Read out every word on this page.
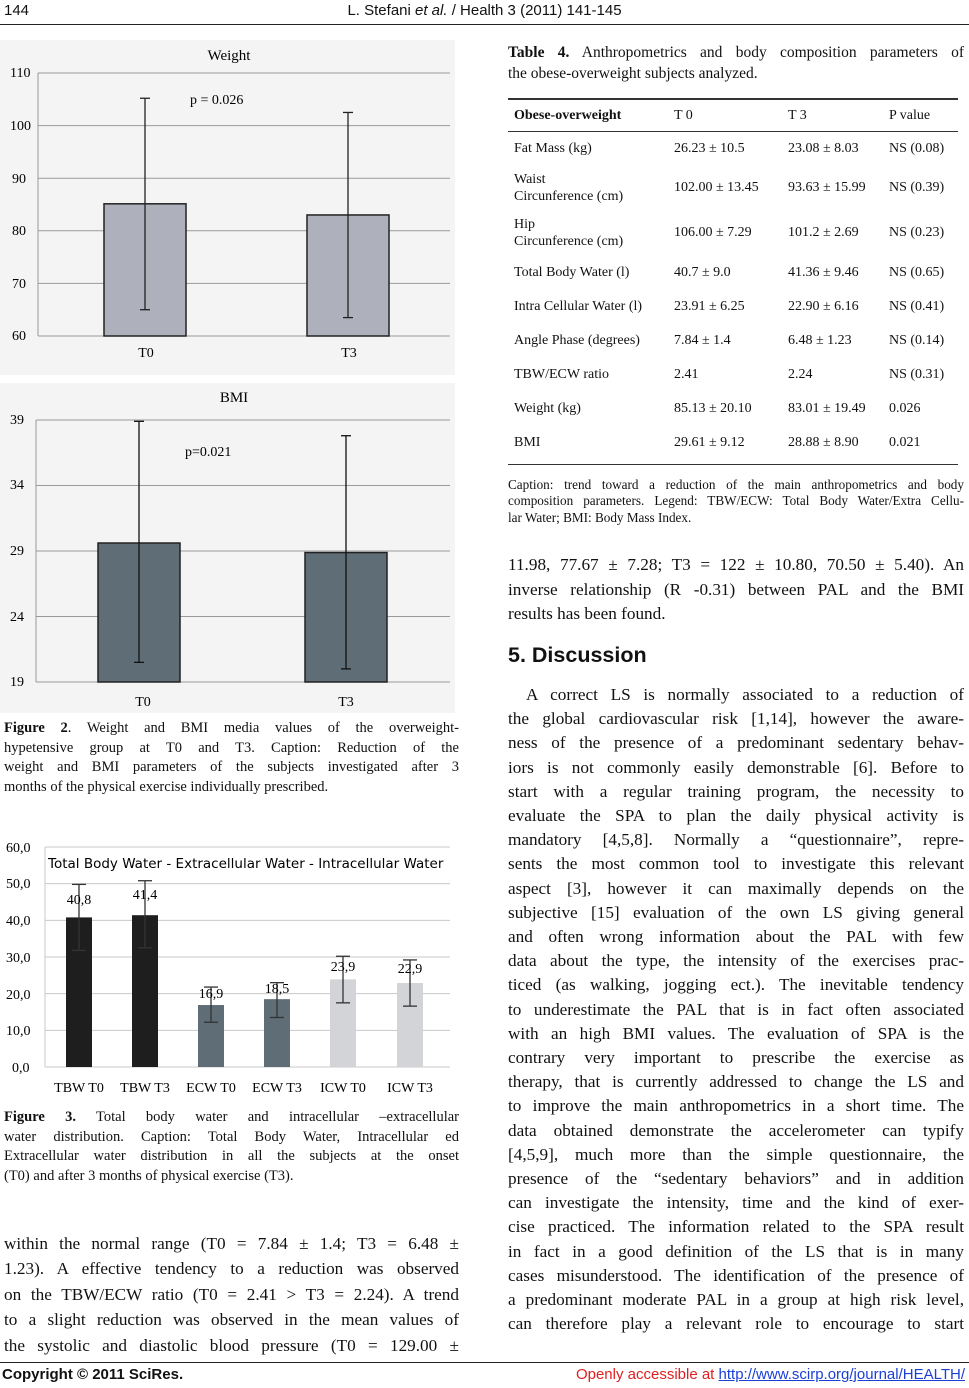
144	L. Stefani et al. / Health 3 (2011) 141-145
Weight
110
100
90
80
70
60
p = 0.026
T0	T3
BMI
39
34
29
24
19
p=0.021
T0	T3

Figure 2. Weight and BMI media values of the overweight-

hypetensive group at T0 and T3. Caption: Reduction of the

weight and BMI parameters of the subjects investigated after 3

months of the physical exercise individually prescribed.

60,0
50,0
40,0
30,0
20,0
10,0
0,0
Total Body Water - Extracellular Water - Intracellular Water
40,8	41,4
16,9	18,5
23,9	22,9
TBW T0 TBW T3 ECW T0 ECW T3 ICW T0 ICW T3

Figure 3. Total body water and intracellular –extracellular

water distribution. Caption: Total Body Water, Intracellular ed

Extracellular water distribution in all the subjects at the onset

(T0) and after 3 months of physical exercise (T3).

within the normal range (T0 = 7.84 ± 1.4; T3 = 6.48 ±

1.23). A effective tendency to a reduction was observed

on the TBW/ECW ratio (T0 = 2.41 > T3 = 2.24). A trend

to a slight reduction was observed in the mean values of

the systolic and diastolic blood pressure (T0 = 129.00 ±

Table 4. Anthropometrics and body composition parameters of

the obese-overweight subjects analyzed.

Obese-overweight	T 0	T 3	P value
Fat Mass (kg)	26.23 ± 10.5	23.08 ± 8.03	NS (0.08)
Waist
Circunference (cm)	102.00 ± 13.45	93.63 ± 15.99	NS (0.39)
Hip
Circunference (cm)	106.00 ± 7.29	101.2 ± 2.69	NS (0.23)
Total Body Water (l)	40.7 ± 9.0	41.36 ± 9.46	NS (0.65)
Intra Cellular Water (l)	23.91 ± 6.25	22.90 ± 6.16	NS (0.41)
Angle Phase (degrees)	7.84 ± 1.4	6.48 ± 1.23	NS (0.14)
TBW/ECW ratio	2.41	2.24	NS (0.31)
Weight (kg)	85.13 ± 20.10	83.01 ± 19.49	0.026
BMI	29.61 ± 9.12	28.88 ± 8.90	0.021

Caption: trend toward a reduction of the main anthropometrics and body

composition parameters. Legend: TBW/ECW: Total Body Water/Extra Cellu-

lar Water; BMI: Body Mass Index.

11.98, 77.67 ± 7.28; T3 = 122 ± 10.80, 70.50 ± 5.40). An

inverse relationship (R -0.31) between PAL and the BMI

results has been found.

5. Discussion

A correct LS is normally associated to a reduction of

the global cardiovascular risk [1,14], however the aware-

ness of the presence of a predominant sedentary behav-

iors is not commonly easily demonstrable [6]. Before to

start with a regular training program, the necessity to

evaluate the SPA to plan the daily physical activity is

mandatory [4,5,8]. Normally a “questionnaire”, repre-

sents the most common tool to investigate this relevant

aspect [3], however it can maximally depends on the

subjective [15] evaluation of the own LS giving general

and often wrong information about the PAL with few

data about the type, the intensity of the exercises prac-

ticed (as walking, jogging ect.). The inevitable tendency

to underestimate the PAL that is in fact often associated

with an high BMI values. The evaluation of SPA is the

contrary very important to prescribe the exercise as

therapy, that is currently addressed to change the LS and

to improve the main anthropometrics in a short time. The

data obtained demonstrate the accelerometer can typify

[4,5,9], much more than the simple questionnaire, the

presence of the “sedentary behaviors” and in addition

can investigate the intensity, time and the kind of exer-

cise practiced. The information related to the SPA result

in fact in a good definition of the LS that is in many

cases misunderstood. The identification of the presence of

a predominant moderate PAL in a group at high risk level,

can therefore play a relevant role to encourage to start

Copyright © 2011 SciRes.	Openly accessible at http://www.scirp.org/journal/HEALTH/
